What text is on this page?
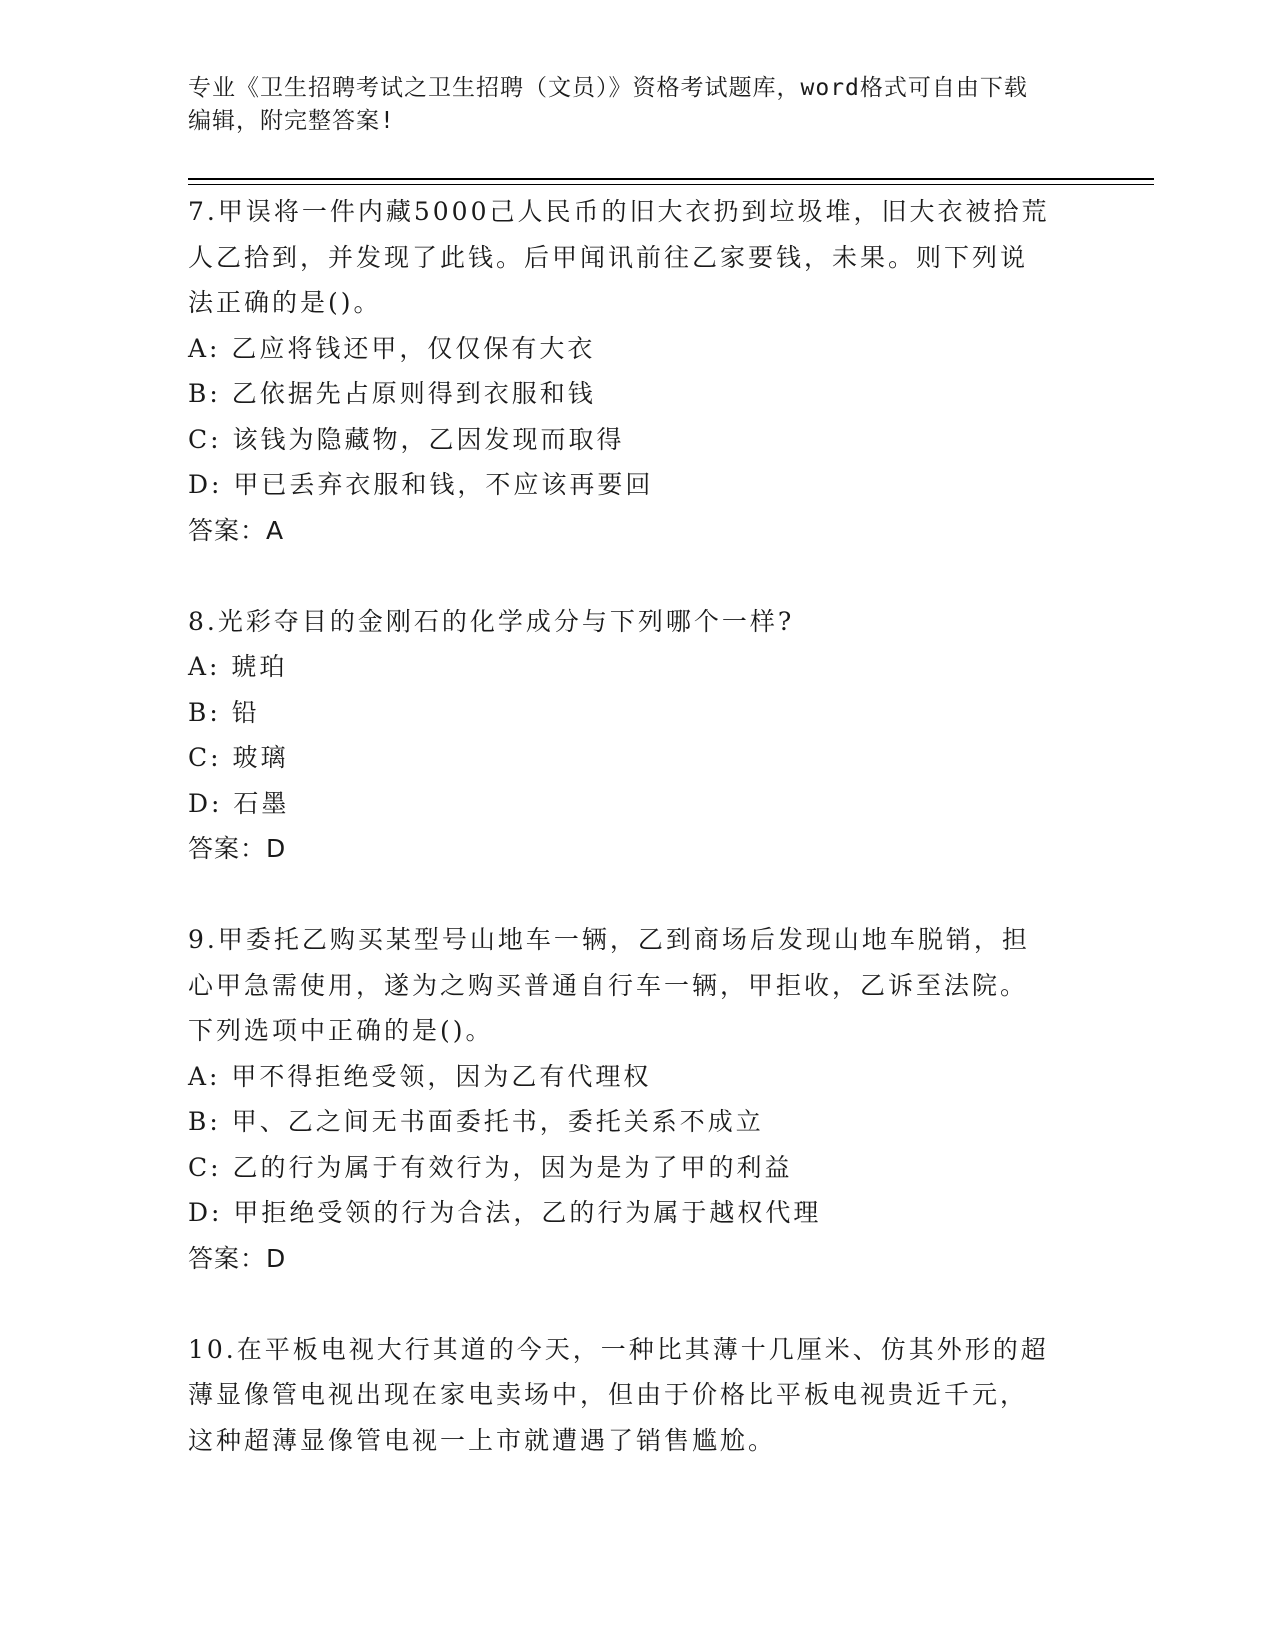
专业《卫生招聘考试之卫生招聘（文员）》资格考试题库，word格式可自由下载
编辑，附完整答案!
7.甲误将一件内藏5000己人民币的旧大衣扔到垃圾堆，旧大衣被拾荒
人乙拾到，并发现了此钱。后甲闻讯前往乙家要钱，未果。则下列说
法正确的是()。
A: 乙应将钱还甲，仅仅保有大衣
B: 乙依据先占原则得到衣服和钱
C: 该钱为隐藏物，乙因发现而取得
D: 甲已丢弃衣服和钱，不应该再要回
答案：A
8.光彩夺目的金刚石的化学成分与下列哪个一样?
A: 琥珀
B: 铅
C: 玻璃
D: 石墨
答案：D
9.甲委托乙购买某型号山地车一辆，乙到商场后发现山地车脱销，担
心甲急需使用，遂为之购买普通自行车一辆，甲拒收，乙诉至法院。
下列选项中正确的是()。
A: 甲不得拒绝受领，因为乙有代理权
B: 甲、乙之间无书面委托书，委托关系不成立
C: 乙的行为属于有效行为，因为是为了甲的利益
D: 甲拒绝受领的行为合法，乙的行为属于越权代理
答案：D
10.在平板电视大行其道的今天，一种比其薄十几厘米、仿其外形的超
薄显像管电视出现在家电卖场中，但由于价格比平板电视贵近千元，
这种超薄显像管电视一上市就遭遇了销售尴尬。
